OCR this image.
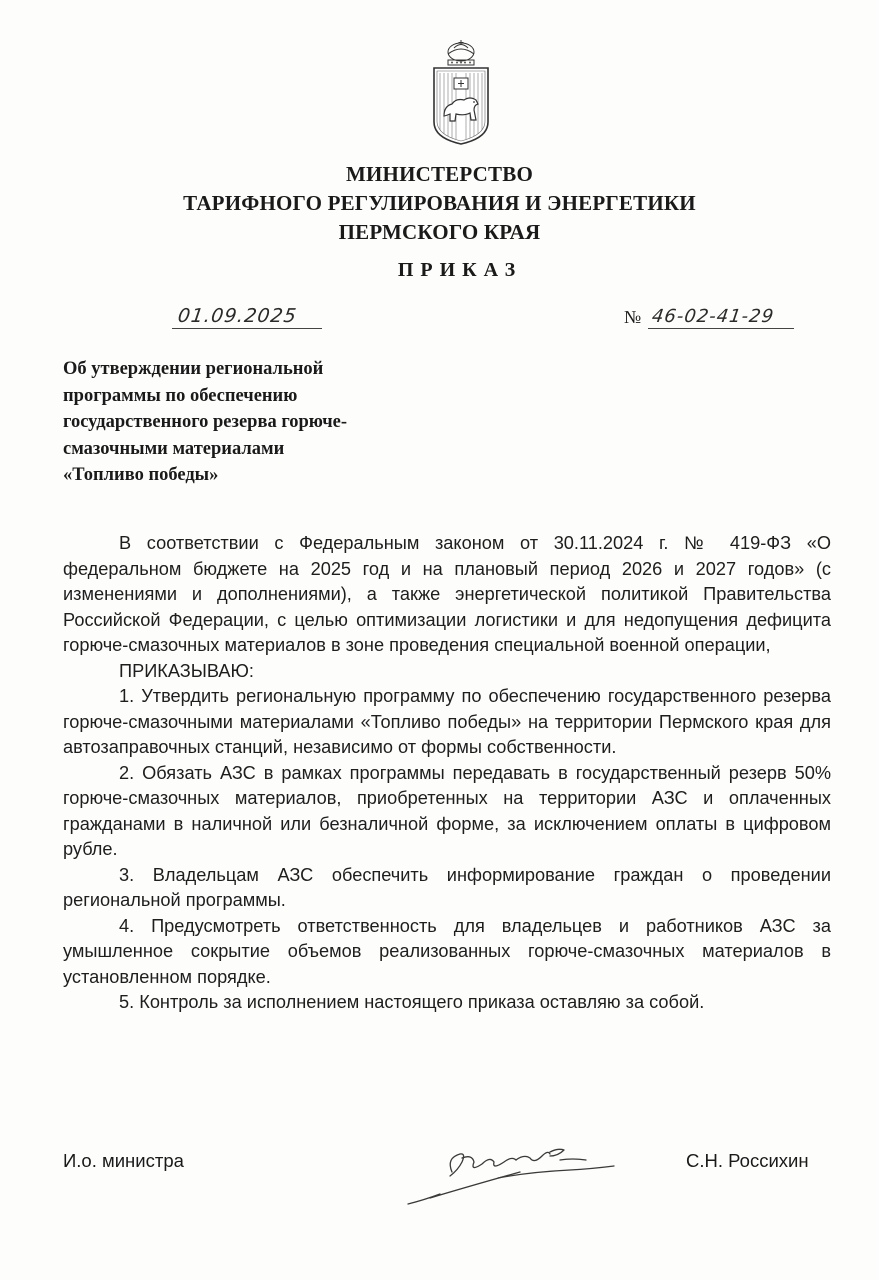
МИНИСТЕРСТВО
ТАРИФНОГО РЕГУЛИРОВАНИЯ И ЭНЕРГЕТИКИ
ПЕРМСКОГО КРАЯ
ПРИКАЗ
01.09.2025	№ 46-02-41-29
Об утверждении региональной
программы по обеспечению
государственного резерва горюче-
смазочными материалами
«Топливо победы»

В соответствии с Федеральным законом от 30.11.2024 г. № 419-ФЗ «О федеральном бюджете на 2025 год и на плановый период 2026 и 2027 годов» (с изменениями и дополнениями), а также энергетической политикой Правительства Российской Федерации, с целью оптимизации логистики и для недопущения дефицита горюче-смазочных материалов в зоне проведения специальной военной операции,

ПРИКАЗЫВАЮ:

1. Утвердить региональную программу по обеспечению государственного резерва горюче-смазочными материалами «Топливо победы» на территории Пермского края для автозаправочных станций, независимо от формы собственности.

2. Обязать АЗС в рамках программы передавать в государственный резерв 50% горюче-смазочных материалов, приобретенных на территории АЗС и оплаченных гражданами в наличной или безналичной форме, за исключением оплаты в цифровом рубле.

3. Владельцам АЗС обеспечить информирование граждан о проведении региональной программы.

4. Предусмотреть ответственность для владельцев и работников АЗС за умышленное сокрытие объемов реализованных горюче-смазочных материалов в установленном порядке.

5. Контроль за исполнением настоящего приказа оставляю за собой.

И.о. министра	С.Н. Россихин
